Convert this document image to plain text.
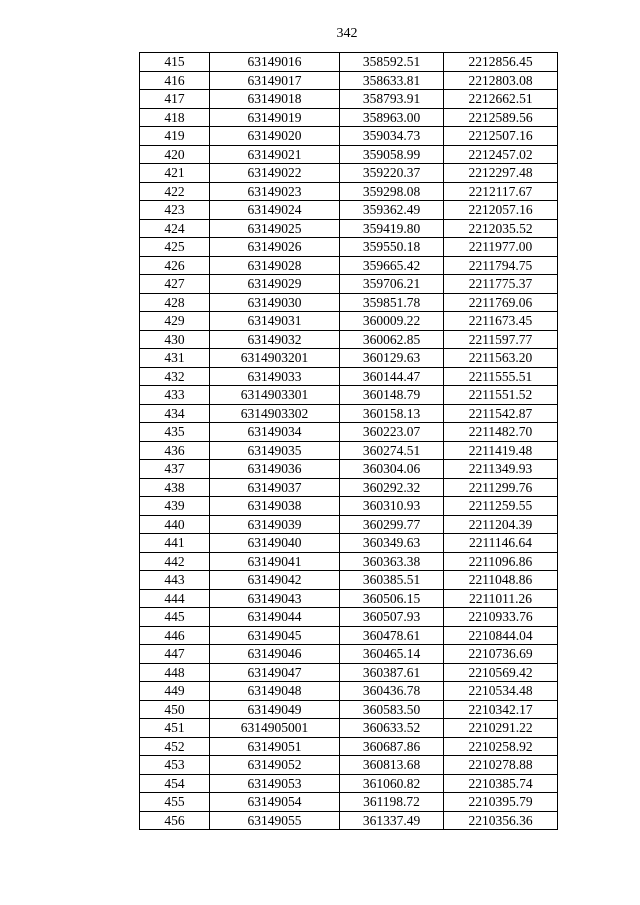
342
415	63149016	358592.51	2212856.45
416	63149017	358633.81	2212803.08
417	63149018	358793.91	2212662.51
418	63149019	358963.00	2212589.56
419	63149020	359034.73	2212507.16
420	63149021	359058.99	2212457.02
421	63149022	359220.37	2212297.48
422	63149023	359298.08	2212117.67
423	63149024	359362.49	2212057.16
424	63149025	359419.80	2212035.52
425	63149026	359550.18	2211977.00
426	63149028	359665.42	2211794.75
427	63149029	359706.21	2211775.37
428	63149030	359851.78	2211769.06
429	63149031	360009.22	2211673.45
430	63149032	360062.85	2211597.77
431	6314903201	360129.63	2211563.20
432	63149033	360144.47	2211555.51
433	6314903301	360148.79	2211551.52
434	6314903302	360158.13	2211542.87
435	63149034	360223.07	2211482.70
436	63149035	360274.51	2211419.48
437	63149036	360304.06	2211349.93
438	63149037	360292.32	2211299.76
439	63149038	360310.93	2211259.55
440	63149039	360299.77	2211204.39
441	63149040	360349.63	2211146.64
442	63149041	360363.38	2211096.86
443	63149042	360385.51	2211048.86
444	63149043	360506.15	2211011.26
445	63149044	360507.93	2210933.76
446	63149045	360478.61	2210844.04
447	63149046	360465.14	2210736.69
448	63149047	360387.61	2210569.42
449	63149048	360436.78	2210534.48
450	63149049	360583.50	2210342.17
451	6314905001	360633.52	2210291.22
452	63149051	360687.86	2210258.92
453	63149052	360813.68	2210278.88
454	63149053	361060.82	2210385.74
455	63149054	361198.72	2210395.79
456	63149055	361337.49	2210356.36
